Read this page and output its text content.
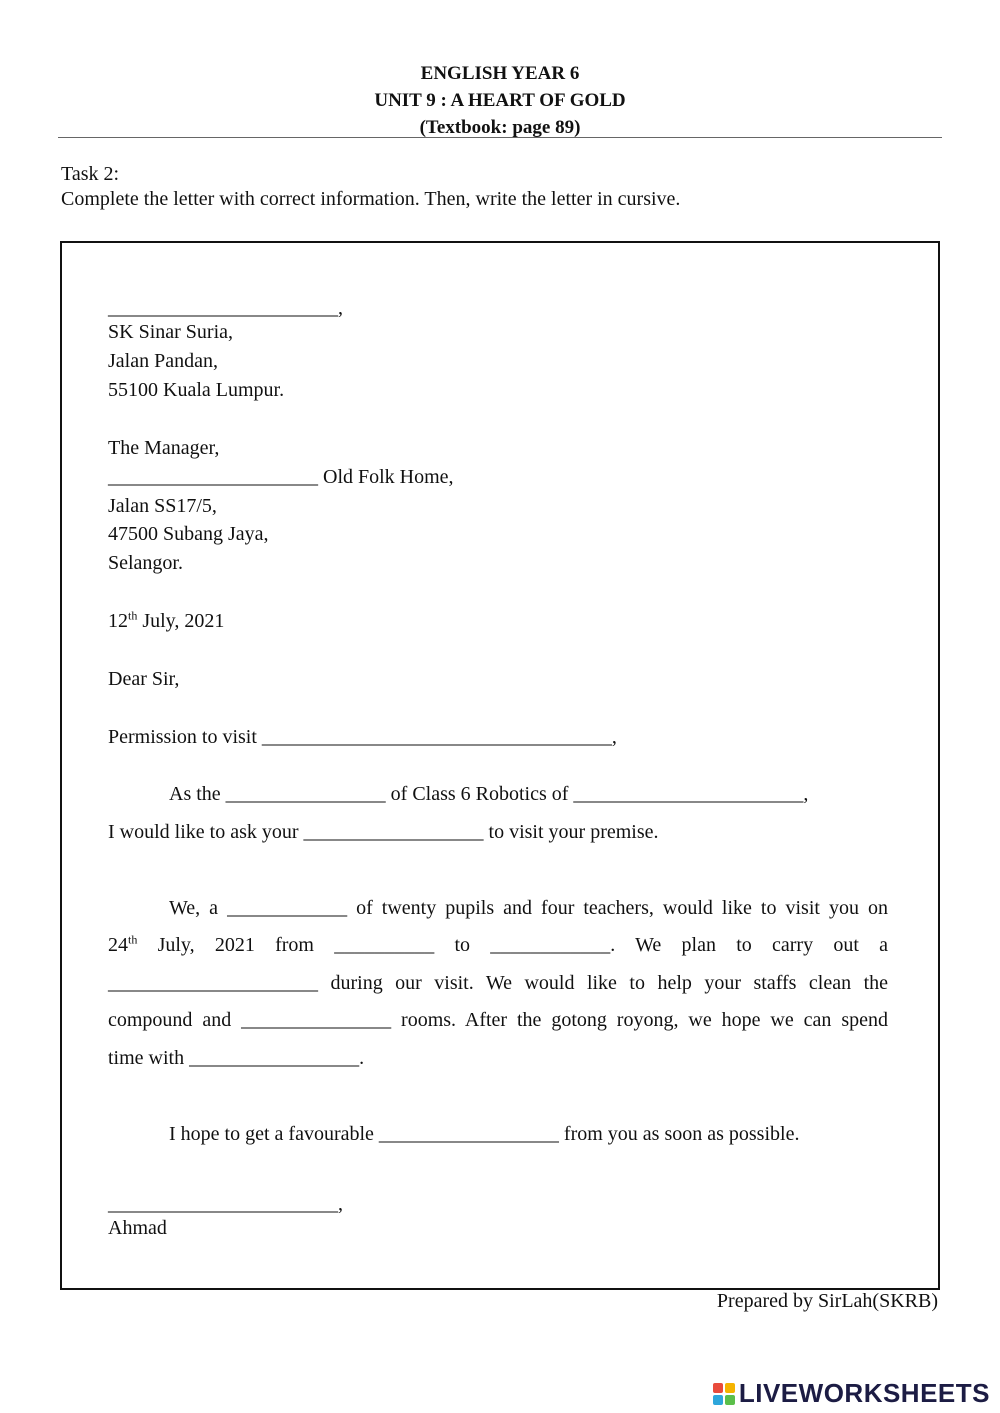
ENGLISH YEAR 6
UNIT 9 : A HEART OF GOLD
(Textbook: page 89)
Task 2:
Complete the letter with correct information. Then, write the letter in cursive.
_______________________,
SK Sinar Suria,
Jalan Pandan,
55100 Kuala Lumpur.
The Manager,
_____________________ Old Folk Home,
Jalan SS17/5,
47500 Subang Jaya,
Selangor.
12th July, 2021
Dear Sir,
Permission to visit ___________________________________,
As the ________________ of Class 6 Robotics of _______________________,
I would like to ask your __________________ to visit your premise.
We, a ____________ of twenty pupils and four teachers, would like to visit you on
24th July, 2021 from __________ to ____________. We plan to carry out a
_____________________ during our visit. We would like to help your staffs clean the
compound and _______________ rooms. After the gotong royong, we hope we can spend
time with _________________.
I hope to get a favourable __________________ from you as soon as possible.
_______________________,
Ahmad
Prepared by SirLah(SKRB)
LIVEWORKSHEETS
